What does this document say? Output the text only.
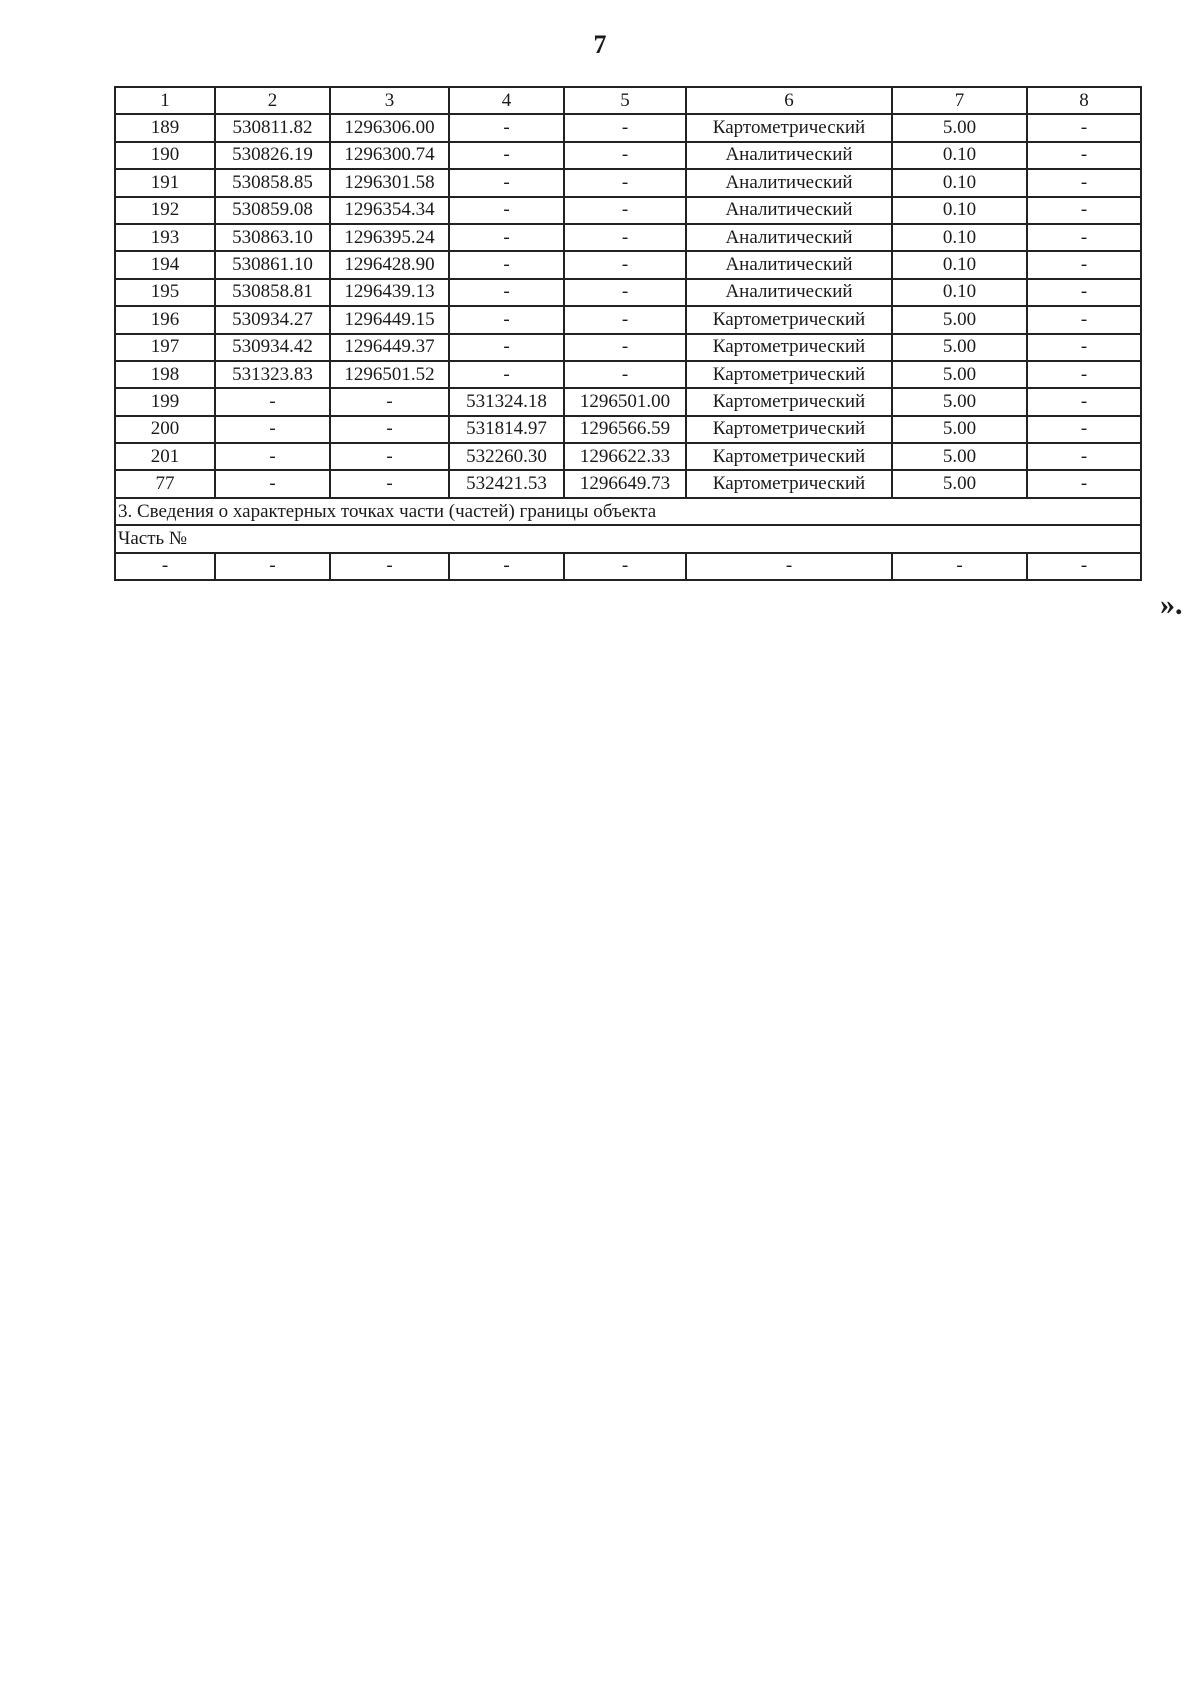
7
1	2	3	4	5	6	7	8
189	530811.82	1296306.00	-	-	Картометрический	5.00	-
190	530826.19	1296300.74	-	-	Аналитический	0.10	-
191	530858.85	1296301.58	-	-	Аналитический	0.10	-
192	530859.08	1296354.34	-	-	Аналитический	0.10	-
193	530863.10	1296395.24	-	-	Аналитический	0.10	-
194	530861.10	1296428.90	-	-	Аналитический	0.10	-
195	530858.81	1296439.13	-	-	Аналитический	0.10	-
196	530934.27	1296449.15	-	-	Картометрический	5.00	-
197	530934.42	1296449.37	-	-	Картометрический	5.00	-
198	531323.83	1296501.52	-	-	Картометрический	5.00	-
199	-	-	531324.18	1296501.00	Картометрический	5.00	-
200	-	-	531814.97	1296566.59	Картометрический	5.00	-
201	-	-	532260.30	1296622.33	Картометрический	5.00	-
77	-	-	532421.53	1296649.73	Картометрический	5.00	-
3. Сведения о характерных точках части (частей) границы объекта							
Часть №							
-	-	-	-	-	-	-	-
».
